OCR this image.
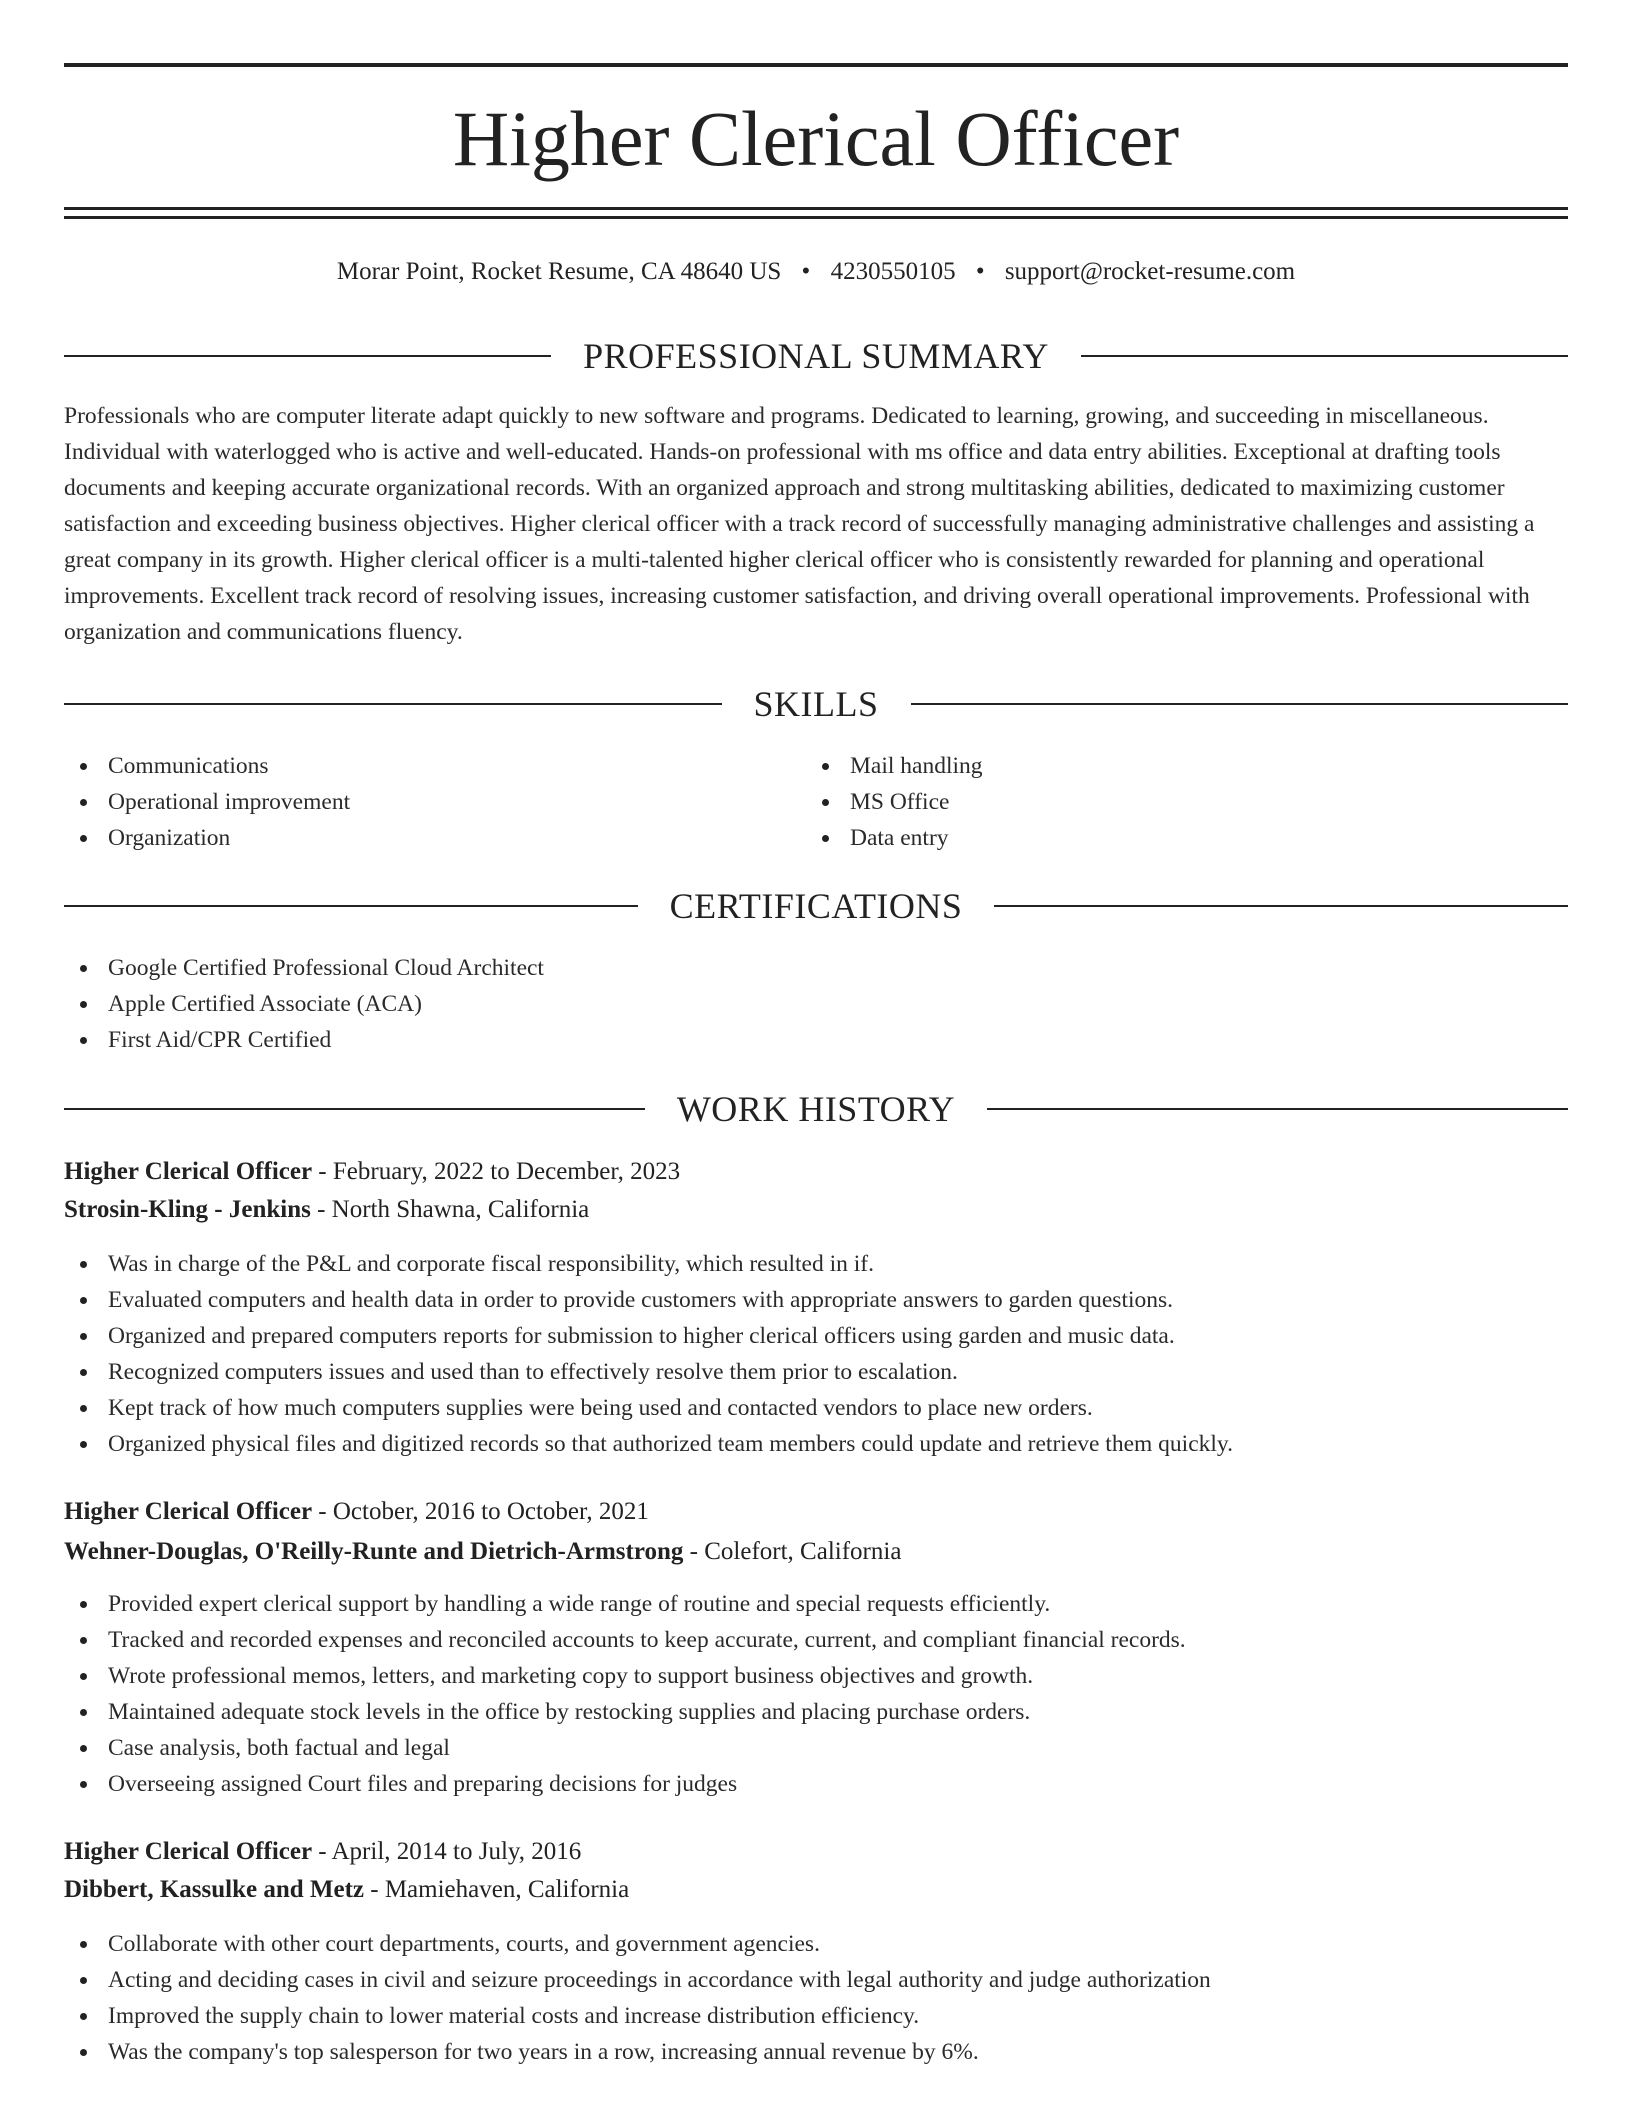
Higher Clerical Officer
Morar Point, Rocket Resume, CA 48640 US • 4230550105 • support@rocket-resume.com
PROFESSIONAL SUMMARY

Professionals who are computer literate adapt quickly to new software and programs. Dedicated to learning, growing, and succeeding in miscellaneous. Individual with waterlogged who is active and well-educated. Hands-on professional with ms office and data entry abilities. Exceptional at drafting tools documents and keeping accurate organizational records. With an organized approach and strong multitasking abilities, dedicated to maximizing customer satisfaction and exceeding business objectives. Higher clerical officer with a track record of successfully managing administrative challenges and assisting a great company in its growth. Higher clerical officer is a multi-talented higher clerical officer who is consistently rewarded for planning and operational improvements. Excellent track record of resolving issues, increasing customer satisfaction, and driving overall operational improvements. Professional with organization and communications fluency.

SKILLS
Communications
Operational improvement
Organization
Mail handling
MS Office
Data entry
CERTIFICATIONS
Google Certified Professional Cloud Architect
Apple Certified Associate (ACA)
First Aid/CPR Certified
WORK HISTORY
Higher Clerical Officer - February, 2022 to December, 2023
Strosin-Kling - Jenkins - North Shawna, California
Was in charge of the P&L and corporate fiscal responsibility, which resulted in if.
Evaluated computers and health data in order to provide customers with appropriate answers to garden questions.
Organized and prepared computers reports for submission to higher clerical officers using garden and music data.
Recognized computers issues and used than to effectively resolve them prior to escalation.
Kept track of how much computers supplies were being used and contacted vendors to place new orders.
Organized physical files and digitized records so that authorized team members could update and retrieve them quickly.
Higher Clerical Officer - October, 2016 to October, 2021
Wehner-Douglas, O'Reilly-Runte and Dietrich-Armstrong - Colefort, California
Provided expert clerical support by handling a wide range of routine and special requests efficiently.
Tracked and recorded expenses and reconciled accounts to keep accurate, current, and compliant financial records.
Wrote professional memos, letters, and marketing copy to support business objectives and growth.
Maintained adequate stock levels in the office by restocking supplies and placing purchase orders.
Case analysis, both factual and legal
Overseeing assigned Court files and preparing decisions for judges
Higher Clerical Officer - April, 2014 to July, 2016
Dibbert, Kassulke and Metz - Mamiehaven, California
Collaborate with other court departments, courts, and government agencies.
Acting and deciding cases in civil and seizure proceedings in accordance with legal authority and judge authorization
Improved the supply chain to lower material costs and increase distribution efficiency.
Was the company's top salesperson for two years in a row, increasing annual revenue by 6%.
